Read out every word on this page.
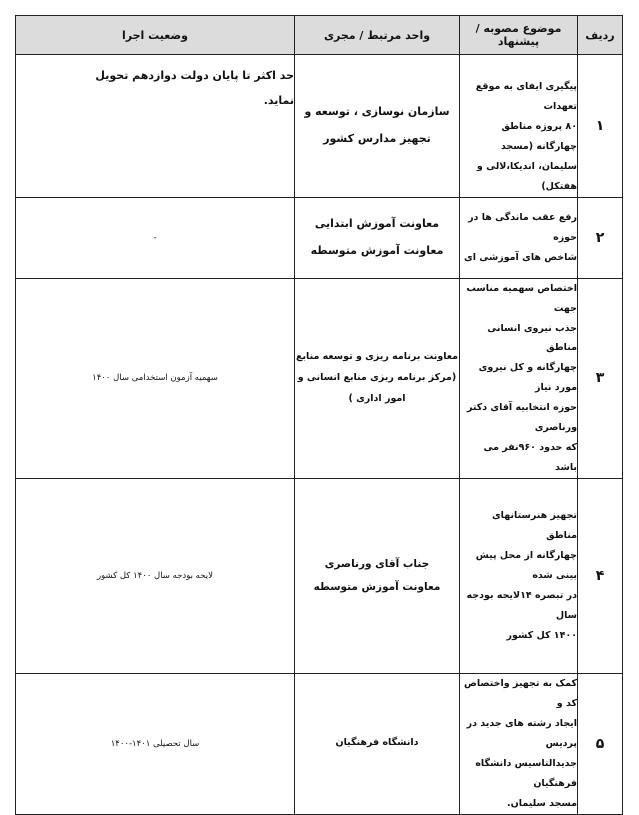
ردیف	موضوع مصوبه / پیشنهاد	واحد مرتبط / مجری	وضعیت اجرا
۱	پیگیری ایفای به موقع تعهدات
۸۰ پروژه مناطق چهارگانه (مسجد
سلیمان، اندیکا،لالی و هفتکل)	سازمان نوسازی ، توسعه و
تجهیز مدارس کشور	حد اکثر تا پایان دولت دوازدهم تحویل
نماید.

۲	رفع عقب ماندگی ها در حوزه
شاخص های آموزشی ای	معاونت آموزش ابتدایی
معاونت آموزش متوسطه	-

۳	اختصاص سهمیه مناسب جهت
جذب نیروی انسانی مناطق
چهارگانه و کل نیروی مورد نیاز
حوزه انتخابیه آقای دکتر ورناصری
که حدود ۹۶۰نفر می باشد	معاونت برنامه ریزی و توسعه منابع
(مرکز برنامه ریزی منابع انسانی و
امور اداری )	سهمیه آزمون استخدامی سال ۱۴۰۰

۴	تجهیز هنرستانهای مناطق
چهارگانه از محل پیش بینی شده
در تبصره ۱۴لایحه بودجه سال
۱۴۰۰ کل کشور	جناب آقای ورناصری
معاونت آموزش متوسطه	لایحه بودجه سال ۱۴۰۰ کل کشور

۵	کمک به تجهیز واختصاص کد و
ایجاد رشته های جدید در پردیس
جدیدالتاسیس دانشگاه فرهنگیان
مسجد سلیمان.	دانشگاه فرهنگیان	سال تحصیلی ۱۴۰۱-۱۴۰۰
